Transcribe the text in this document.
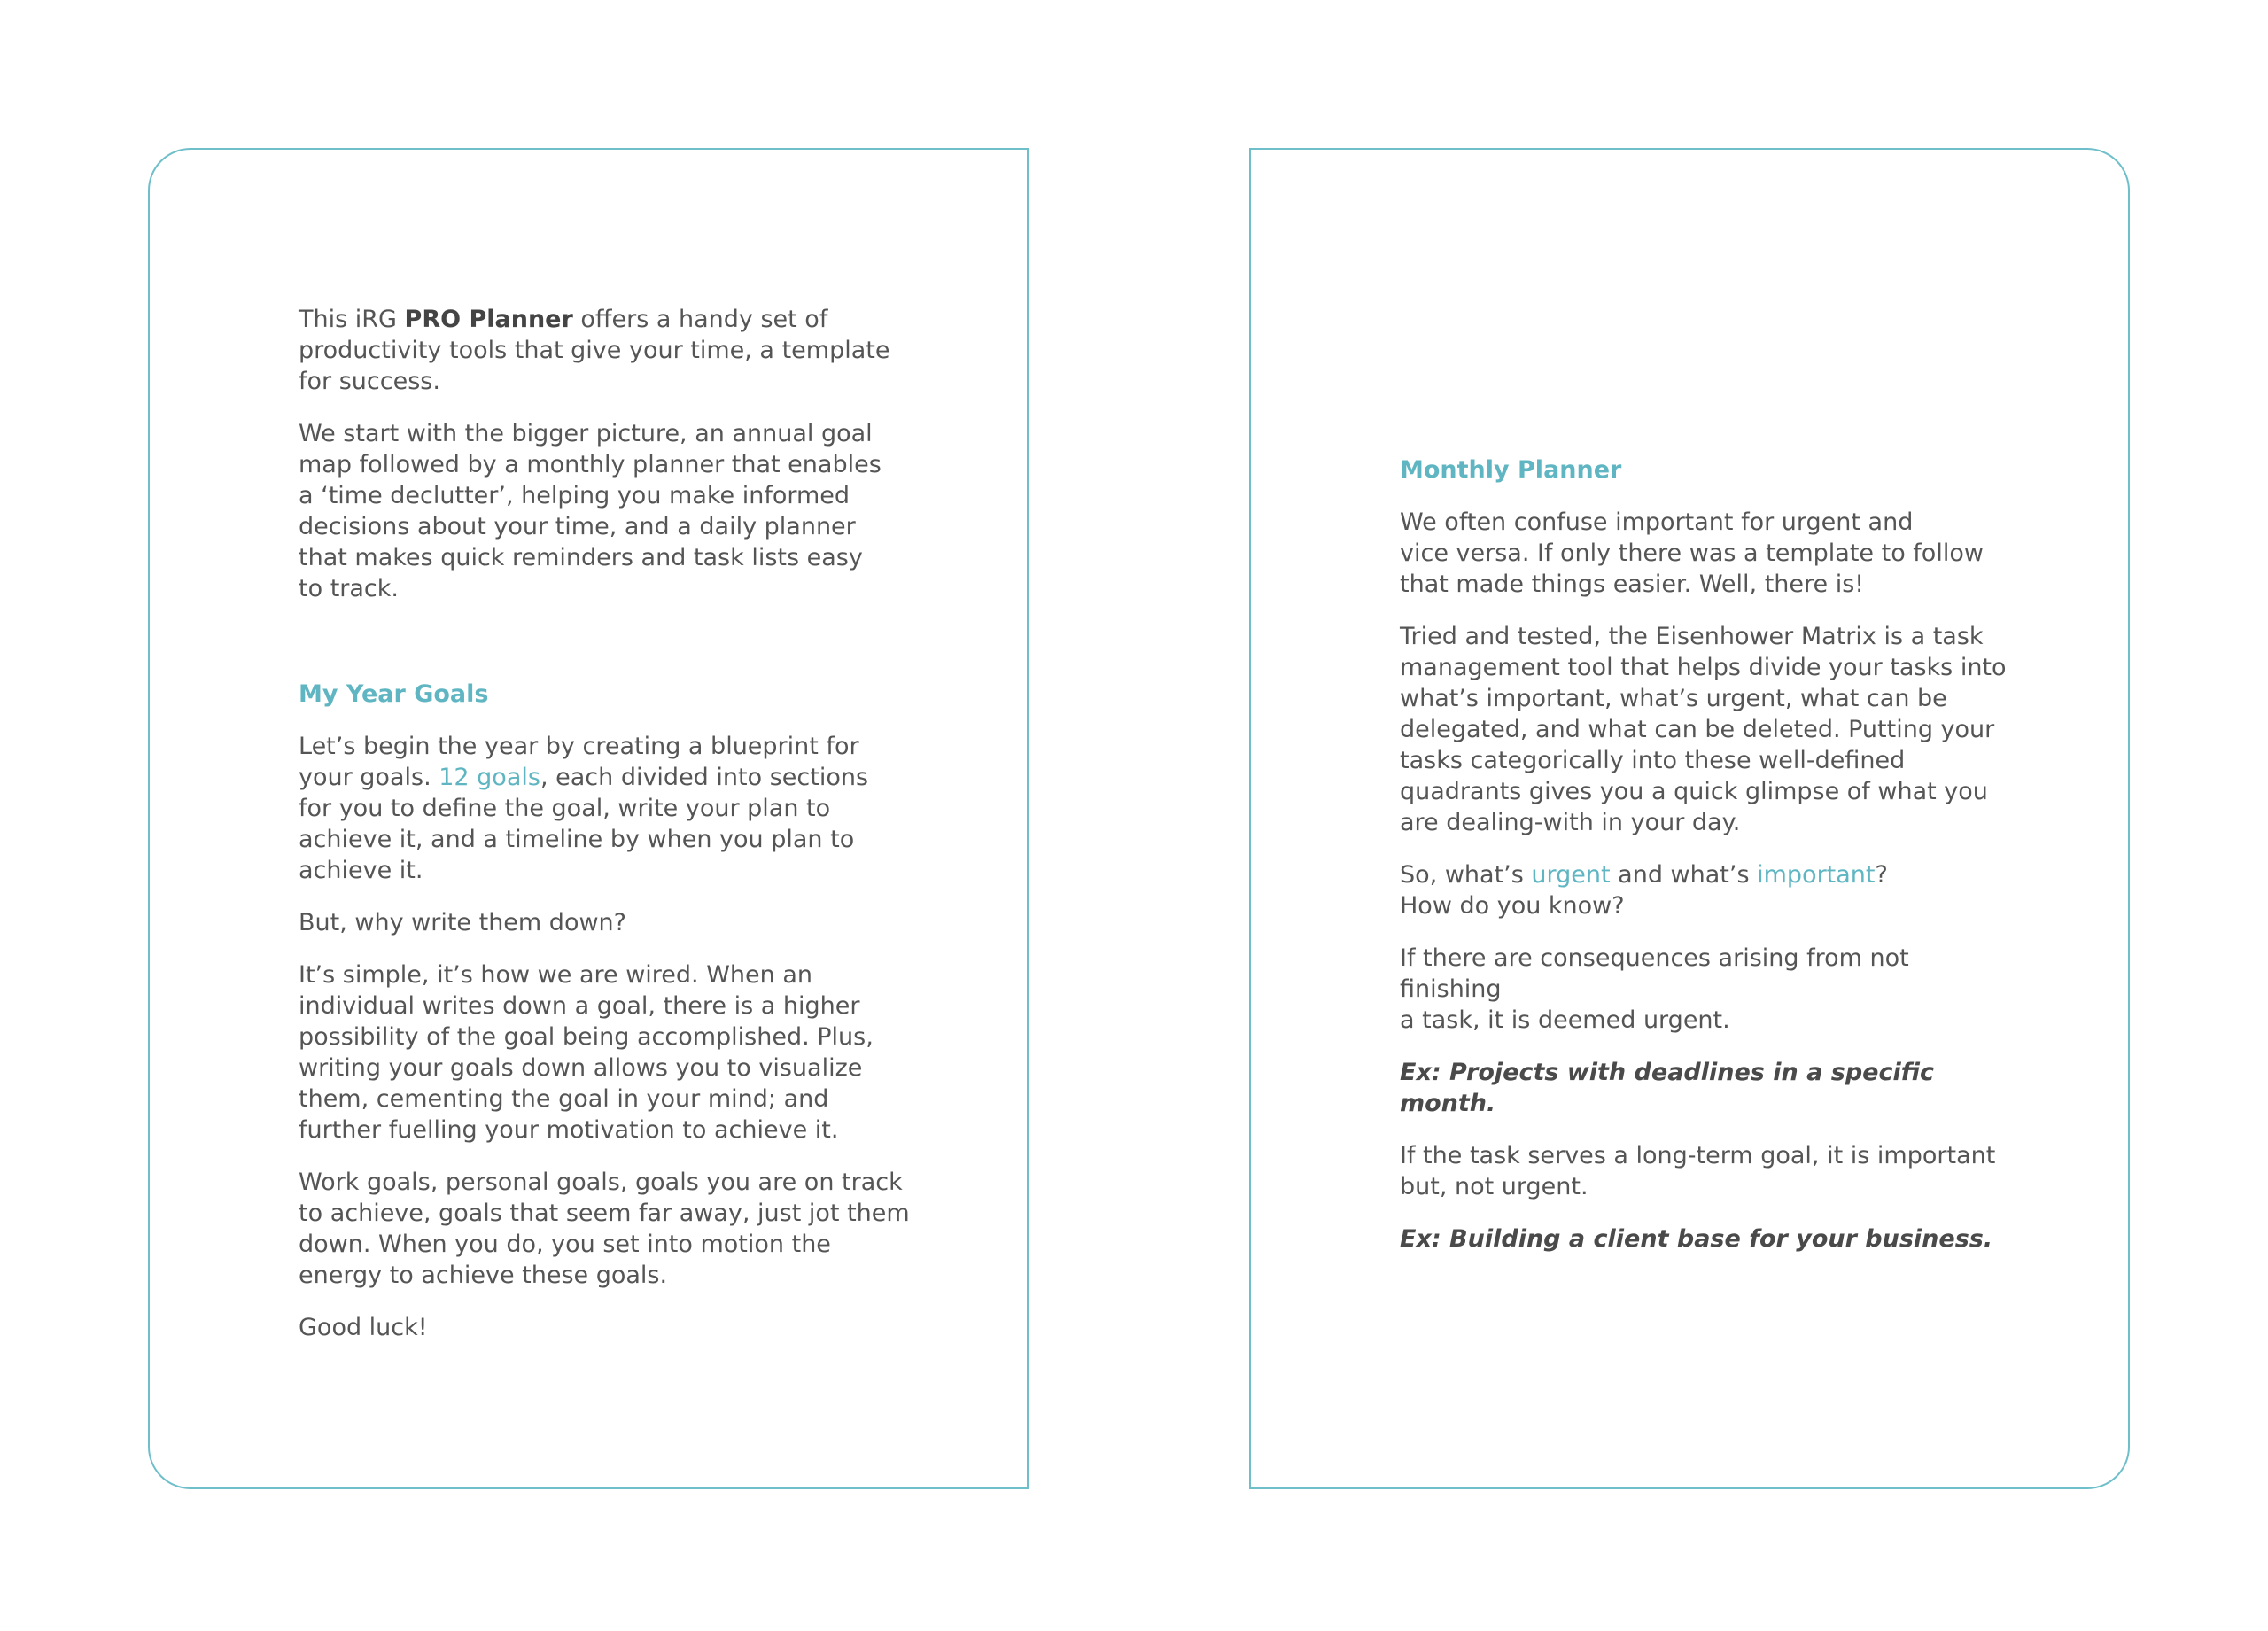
This iRG PRO Planner offers a handy set of
productivity tools that give your time, a template
for success.

We start with the bigger picture, an annual goal
map followed by a monthly planner that enables
a ‘time declutter’, helping you make informed
decisions about your time, and a daily planner
that makes quick reminders and task lists easy
to track.

My Year Goals

Let’s begin the year by creating a blueprint for
your goals. 12 goals, each divided into sections
for you to define the goal, write your plan to
achieve it, and a timeline by when you plan to
achieve it.

But, why write them down?

It’s simple, it’s how we are wired. When an
individual writes down a goal, there is a higher
possibility of the goal being accomplished. Plus,
writing your goals down allows you to visualize
them, cementing the goal in your mind; and
further fuelling your motivation to achieve it.

Work goals, personal goals, goals you are on track
to achieve, goals that seem far away, just jot them
down. When you do, you set into motion the
energy to achieve these goals.

Good luck!

Monthly Planner

We often confuse important for urgent and
vice versa. If only there was a template to follow
that made things easier. Well, there is!

Tried and tested, the Eisenhower Matrix is a task
management tool that helps divide your tasks into
what’s important, what’s urgent, what can be
delegated, and what can be deleted. Putting your
tasks categorically into these well-defined
quadrants gives you a quick glimpse of what you
are dealing-with in your day.

So, what’s urgent and what’s important?
How do you know?

If there are consequences arising from not finishing
a task, it is deemed urgent.

Ex: Projects with deadlines in a specific month.

If the task serves a long-term goal, it is important
but, not urgent.

Ex: Building a client base for your business.
